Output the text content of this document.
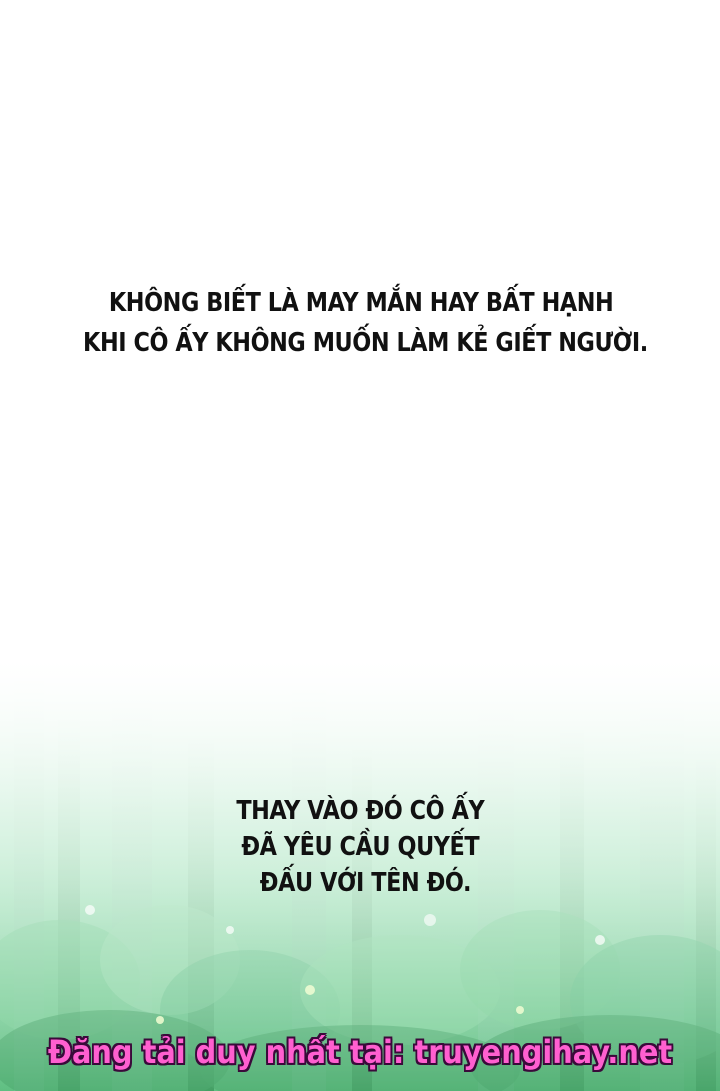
KHÔNG BIẾT LÀ MAY MẮN HAY BẤT HẠNH
KHI CÔ ẤY KHÔNG MUỐN LÀM KẺ GIẾT NGƯỜI.
THAY VÀO ĐÓ CÔ ẤY
ĐÃ YÊU CẦU QUYẾT
ĐẤU VỚI TÊN ĐÓ.
Đăng tải duy nhất tại: truyengihay.net
